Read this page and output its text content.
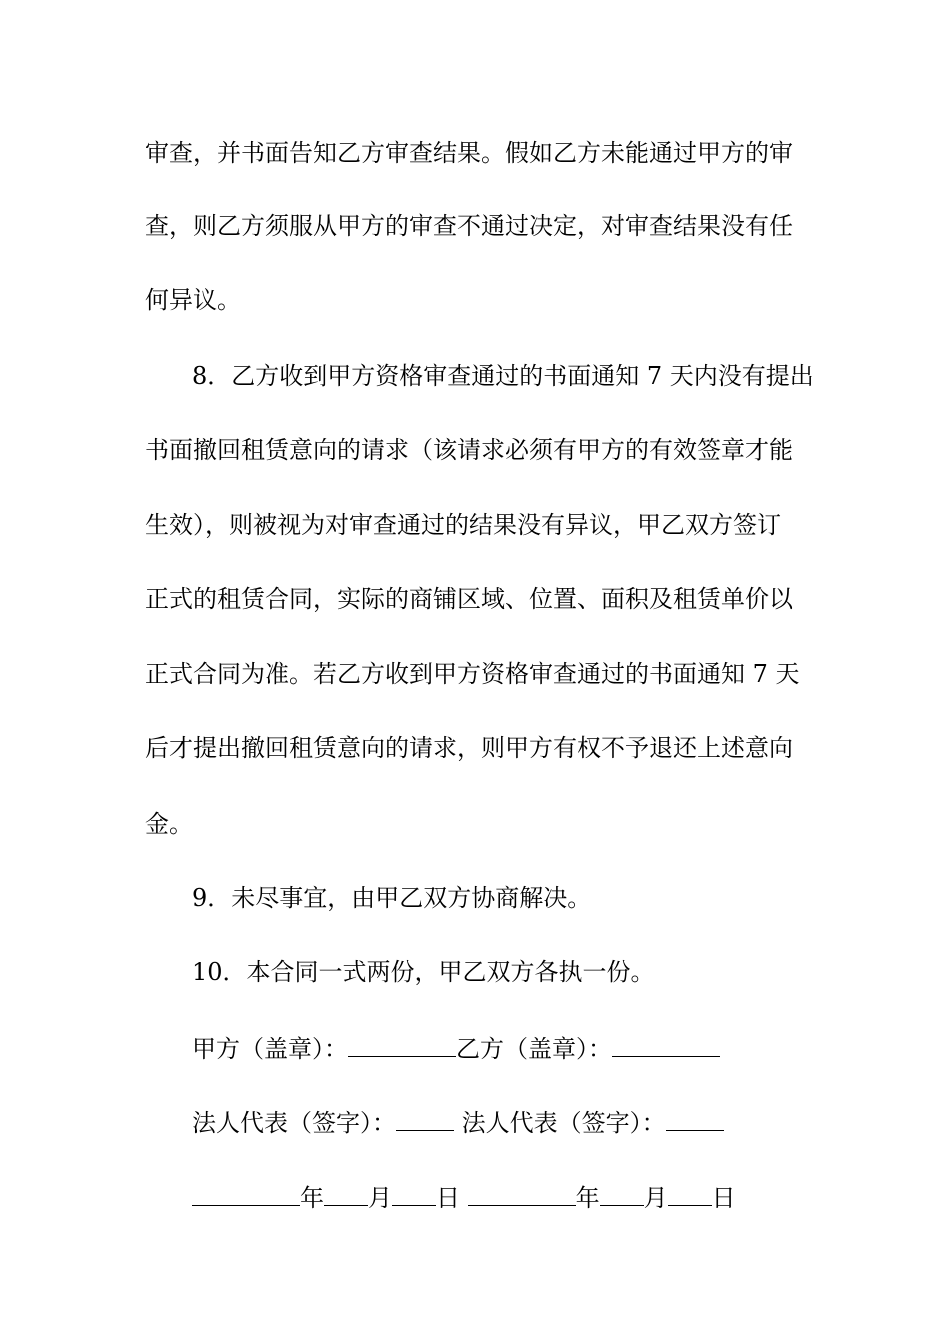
审查，并书面告知乙方审查结果。假如乙方未能通过甲方的审
查，则乙方须服从甲方的审查不通过决定，对审查结果没有任
何异议。
8．乙方收到甲方资格审查通过的书面通知 7 天内没有提出
书面撤回租赁意向的请求（该请求必须有甲方的有效签章才能
生效），则被视为对审查通过的结果没有异议，甲乙双方签订
正式的租赁合同，实际的商铺区域、位置、面积及租赁单价以
正式合同为准。若乙方收到甲方资格审查通过的书面通知 7 天
后才提出撤回租赁意向的请求，则甲方有权不予退还上述意向
金。
9．未尽事宜，由甲乙双方协商解决。
10．本合同一式两份，甲乙双方各执一份。
甲方（盖章）：	乙方（盖章）：
法人代表（签字）：	法人代表（签字）：
年 月 日	年 月 日
